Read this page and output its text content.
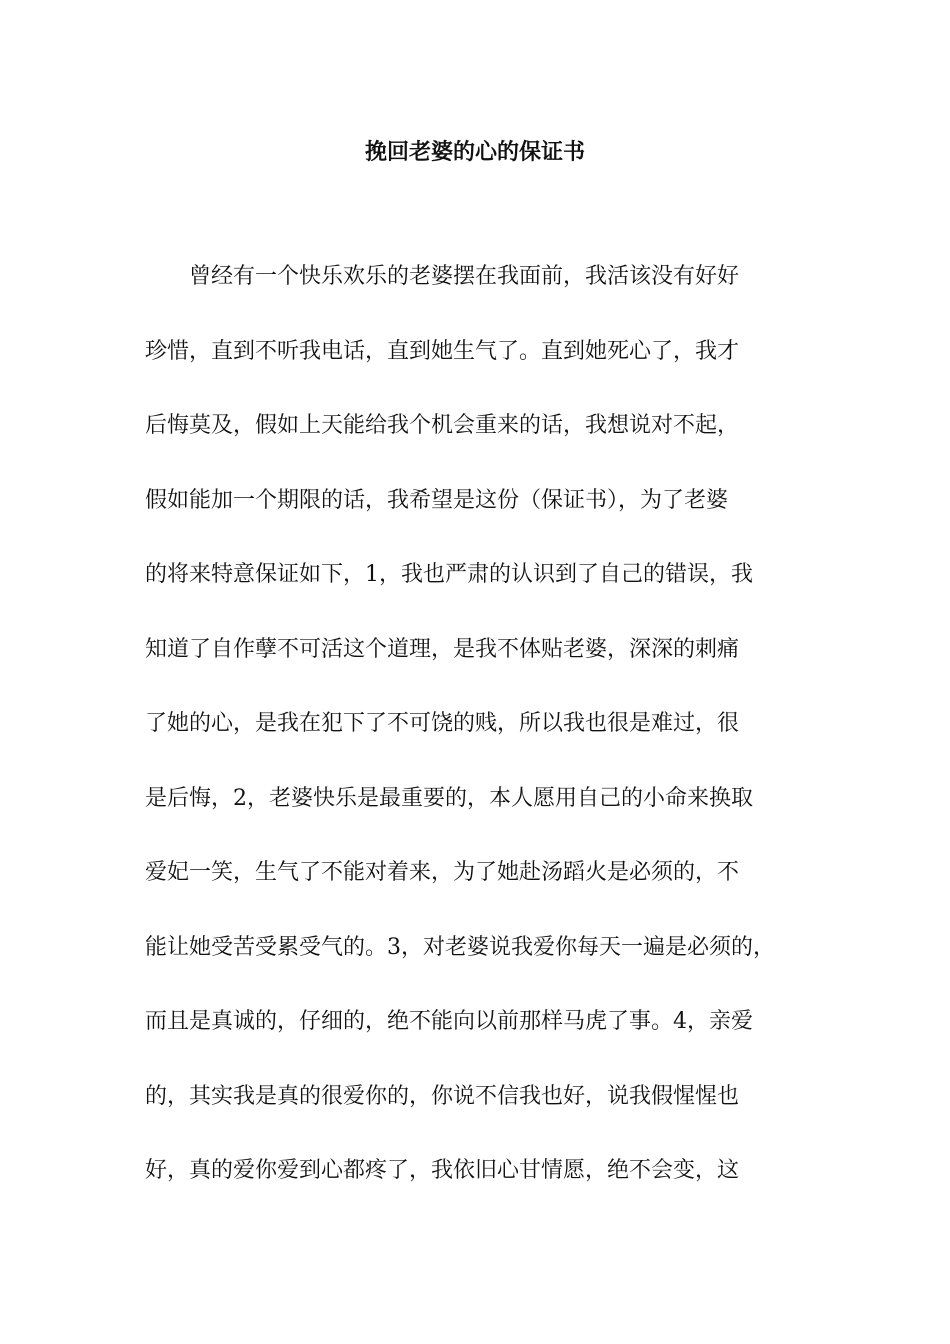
挽回老婆的心的保证书
曾经有一个快乐欢乐的老婆摆在我面前，我活该没有好好
珍惜，直到不听我电话，直到她生气了。直到她死心了，我才
后悔莫及，假如上天能给我个机会重来的话，我想说对不起，
假如能加一个期限的话，我希望是这份（保证书），为了老婆
的将来特意保证如下，1，我也严肃的认识到了自己的错误，我
知道了自作孽不可活这个道理，是我不体贴老婆，深深的刺痛
了她的心，是我在犯下了不可饶的贱，所以我也很是难过，很
是后悔，2，老婆快乐是最重要的，本人愿用自己的小命来换取
爱妃一笑，生气了不能对着来，为了她赴汤蹈火是必须的，不
能让她受苦受累受气的。3，对老婆说我爱你每天一遍是必须的，
而且是真诚的，仔细的，绝不能向以前那样马虎了事。4，亲爱
的，其实我是真的很爱你的，你说不信我也好，说我假惺惺也
好，真的爱你爱到心都疼了，我依旧心甘情愿，绝不会变，这
